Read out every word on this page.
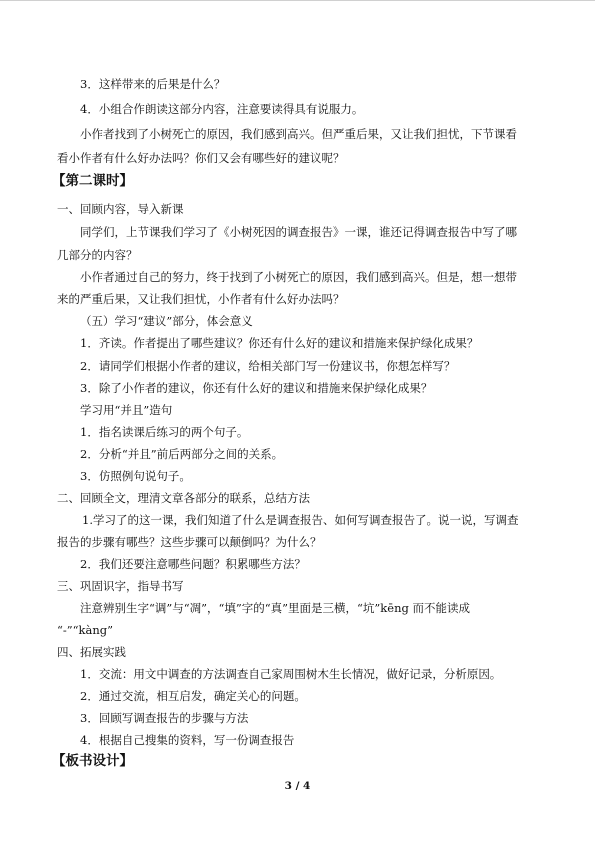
3．这样带来的后果是什么？
4．小组合作朗读这部分内容，注意要读得具有说服力。
小作者找到了小树死亡的原因，我们感到高兴。但严重后果，又让我们担忧，下节课看
看小作者有什么好办法吗？你们又会有哪些好的建议呢？
【第二课时】
一、回顾内容，导入新课
同学们，上节课我们学习了《小树死因的调查报告》一课，谁还记得调查报告中写了哪
几部分的内容？
小作者通过自己的努力，终于找到了小树死亡的原因，我们感到高兴。但是，想一想带
来的严重后果，又让我们担忧，小作者有什么好办法吗？
（五）学习“建议”部分，体会意义
1．齐读。作者提出了哪些建议？你还有什么好的建议和措施来保护绿化成果？
2．请同学们根据小作者的建议，给相关部门写一份建议书，你想怎样写？
3．除了小作者的建议，你还有什么好的建议和措施来保护绿化成果？
学习用“并且”造句
1．指名读课后练习的两个句子。
2．分析“并且”前后两部分之间的关系。
3．仿照例句说句子。
二、回顾全文，理清文章各部分的联系，总结方法
1.学习了的这一课，我们知道了什么是调查报告、如何写调查报告了。说一说，写调查
报告的步骤有哪些？这些步骤可以颠倒吗？为什么？
2．我们还要注意哪些问题？积累哪些方法？
三、巩固识字，指导书写
注意辨别生字“调”与“凋”，“填”字的“真”里面是三横，“坑”kēng 而不能读成
“-”“kàng”
四、拓展实践
1．交流：用文中调查的方法调查自己家周围树木生长情况，做好记录，分析原因。
2．通过交流，相互启发，确定关心的问题。
3．回顾写调查报告的步骤与方法
4．根据自己搜集的资料，写一份调查报告
【板书设计】
3 / 4
